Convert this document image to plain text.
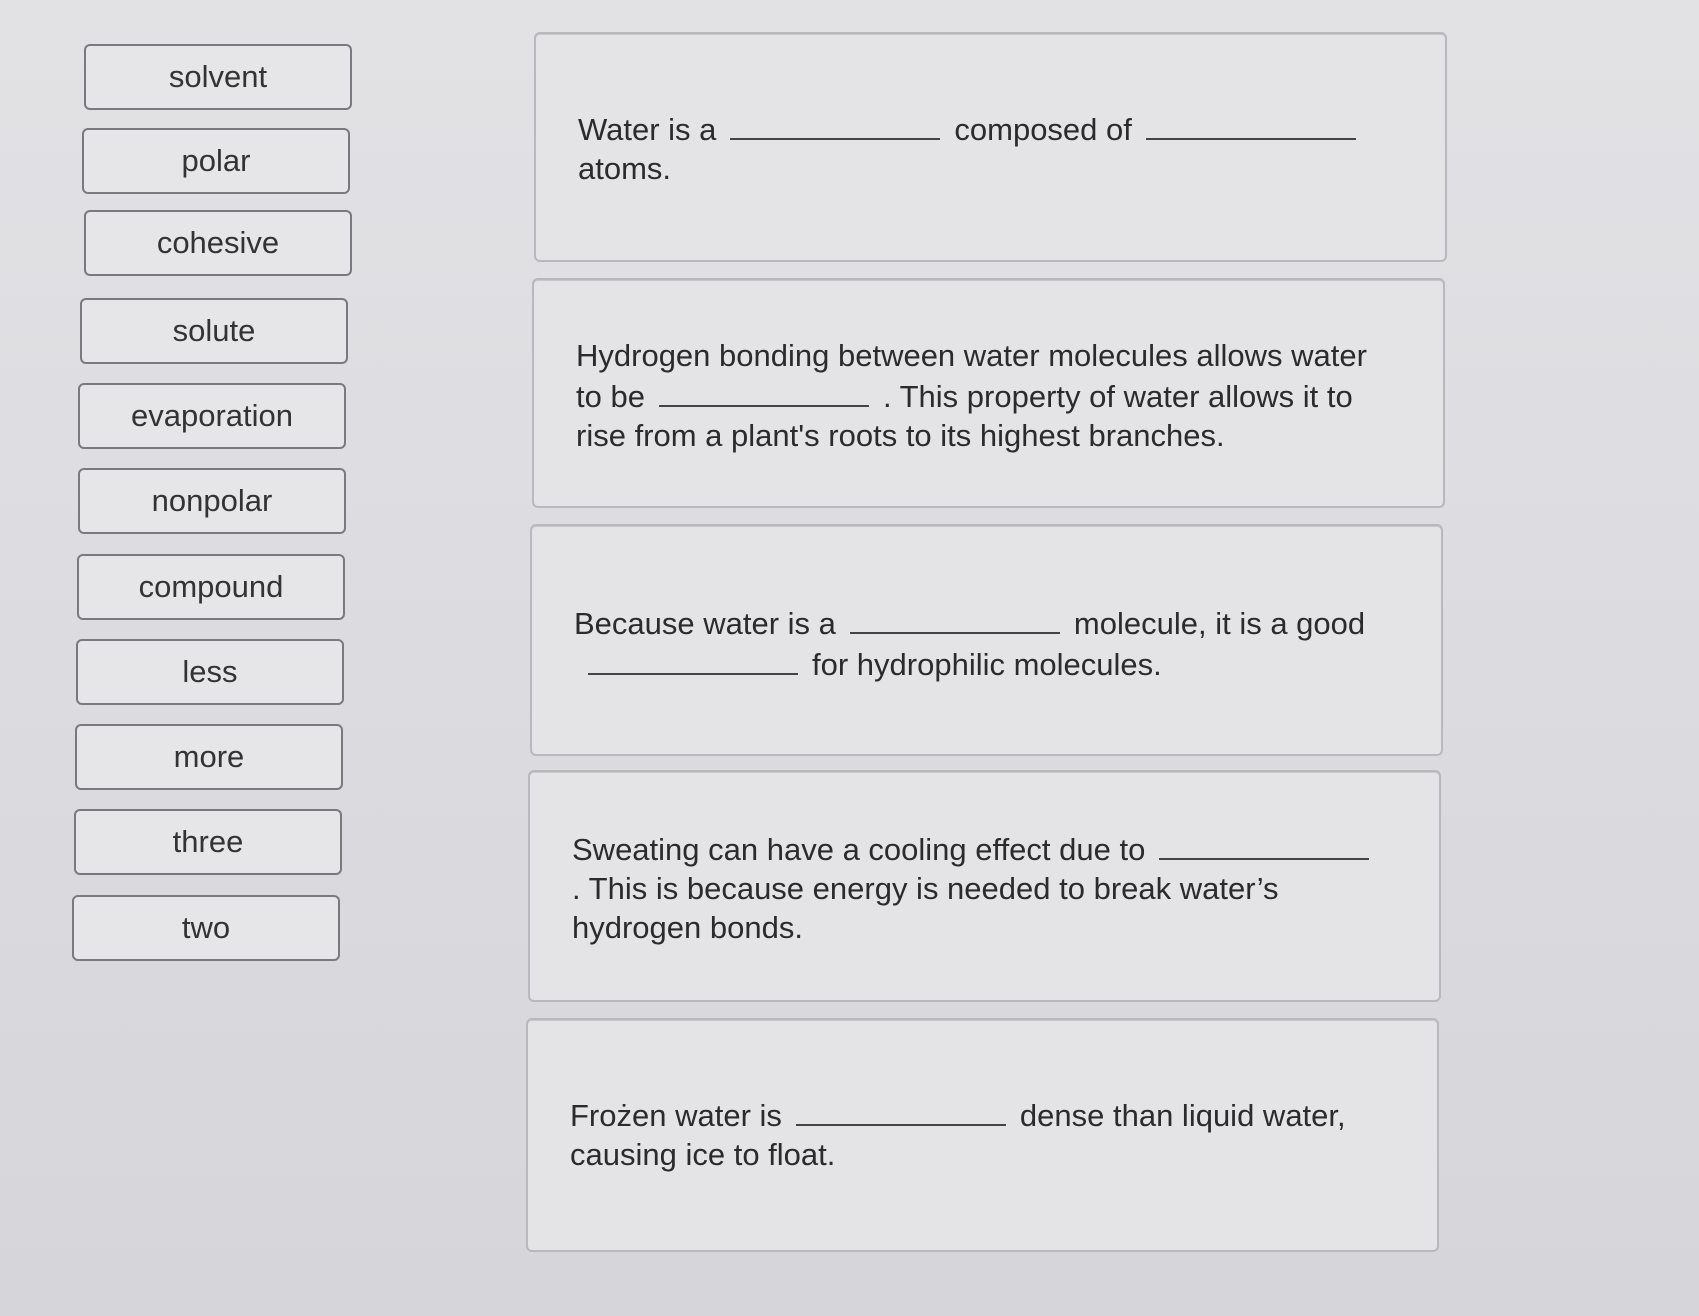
solvent
polar
cohesive
solute
evaporation
nonpolar
compound
less
more
three
two
Water is a	composed ofatoms.
Hydrogen bonding between water molecules allows water to be	. This property of water allows it to rise from a plant's roots to its highest branches.
Because water is a	molecule, it is a goodfor hydrophilic molecules.
Sweating can have a cooling effect due to. This is because energy is needed to break water’s hydrogen bonds.
Frożen water is	dense than liquid water, causing ice to float.
